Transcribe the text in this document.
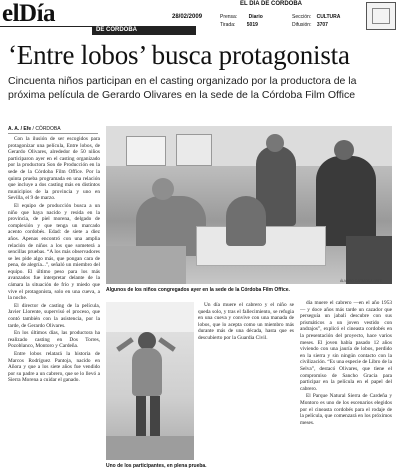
elDía
DE CÓRDOBA
28/02/2009
EL DÍA DE CÓRDOBA
Prensa: Diario
Tirada: 5019
Sección: CULTURA
Difusión: 3707
‘Entre lobos’ busca protagonista
Cincuenta niños participan en el casting organizado por la productora de la próxima película de Gerardo Olivares en la sede de la Córdoba Film Office
A. A. / Efe / CÓRDOBA

Con la ilusión de ser escogidos para protagonizar una película, Entre lobos, de Gerardo Olivares, alrededor de 50 niños participaron ayer en el casting organizado por la productora Son de Producción en la sede de la Córdoba Film Office. Por la quinta prueba programada en una relación que incluye a dos casting más en distintos municipios de la provincia y uno en Sevilla, el 9 de marzo.

El equipo de producción busca a un niño que haya nacido y resida en la provincia, de piel morena, delgado de complexión y que tenga un marcado acento cordobés. Edad: de siete a diez años. Apenas encontró con una amplia relación de niños a los que someterá a sencillas pruebas. “A los más observadores se les pide algo más, que pongan cara de pena, de alegría...”, señaló un miembro del equipo. El último peso para los más avanzados fue interpretar delante de la cámara la situación de frío y miedo que vive el protagonista, solo en una cueva, a la noche.

El director de casting de la película, Javier Llorente, supervisó el proceso, que contó también con la asistencia, por la tarde, de Gerardo Olivares.

En los últimos días, las productora ha realizado casting en Dos Torres, Pozoblanco, Montoro y Cardeña.

Entre lobos relatará la historia de Marcos Rodríguez Pantoja, nacido en Añora y que a los siete años fue vendido por su padre a un cabrero, que se lo llevó a Sierra Morena a cuidar el ganado.

ÁLVARO CARMONA / EFE
Algunos de los niños congregados ayer en la sede de la Córdoba Film Office.
Uno de los participantes, en plena prueba.

Un día muere el cabrero y el niño se queda solo, y tras el fallecimiento, se refugia en una cueva y convive con una manada de lobos, que lo acepta como un miembro más durante más de una década, hasta que es descubierto por la Guardia Civil.

día muere el cabrero —en el año 1953— y doce años más tarde un cazador que perseguía un jabalí descubre con sus prismáticos a un joven vestido con andrajos”, explicó el cineasta cordobés en la presentación del proyecto, hace varios meses. El joven había pasado 12 años viviendo con una jauría de lobos, perdido en la sierra y sin ningún contacto con la civilización. “Es una especie de Libro de la Selva”, destacó Olivares, que tiene el compromiso de Sancho Gracia para participar en la película en el papel del cabrero.

El Parque Natural Sierra de Cardeña y Montoro es uno de los escenarios elegidos por el cineasta cordobés para el rodaje de la película, que comenzará en los próximos meses.
